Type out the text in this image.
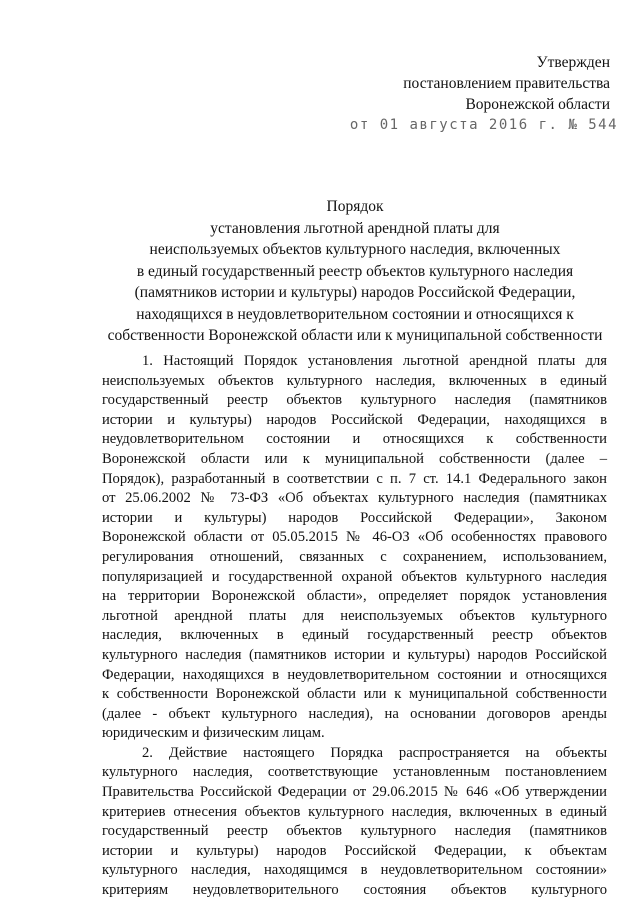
Утвержден
постановлением правительства
Воронежской области
от 01 августа 2016 г. № 544
Порядок
установления льготной арендной платы для
неиспользуемых объектов культурного наследия, включенных
в единый государственный реестр объектов культурного наследия
(памятников истории и культуры) народов Российской Федерации,
находящихся в неудовлетворительном состоянии и относящихся к
собственности Воронежской области или к муниципальной собственности
1. Настоящий Порядок установления льготной арендной платы для
неиспользуемых объектов культурного наследия, включенных в единый
государственный реестр объектов культурного наследия (памятников
истории и культуры) народов Российской Федерации, находящихся в
неудовлетворительном состоянии и относящихся к собственности
Воронежской области или к муниципальной собственности (далее –
Порядок), разработанный в соответствии с п. 7 ст. 14.1 Федерального закон
от 25.06.2002 № 73-ФЗ «Об объектах культурного наследия (памятниках
истории и культуры) народов Российской Федерации», Законом
Воронежской области от 05.05.2015 № 46-ОЗ «Об особенностях правового
регулирования отношений, связанных с сохранением, использованием,
популяризацией и государственной охраной объектов культурного наследия
на территории Воронежской области», определяет порядок установления
льготной арендной платы для неиспользуемых объектов культурного
наследия, включенных в единый государственный реестр объектов
культурного наследия (памятников истории и культуры) народов Российской
Федерации, находящихся в неудовлетворительном состоянии и относящихся
к собственности Воронежской области или к муниципальной собственности
(далее - объект культурного наследия), на основании договоров аренды
юридическим и физическим лицам.
2. Действие настоящего Порядка распространяется на объекты
культурного наследия, соответствующие установленным постановлением
Правительства Российской Федерации от 29.06.2015 № 646 «Об утверждении
критериев отнесения объектов культурного наследия, включенных в единый
государственный реестр объектов культурного наследия (памятников
истории и культуры) народов Российской Федерации, к объектам
культурного наследия, находящимся в неудовлетворительном состоянии»
критериям неудовлетворительного состояния объектов культурного
